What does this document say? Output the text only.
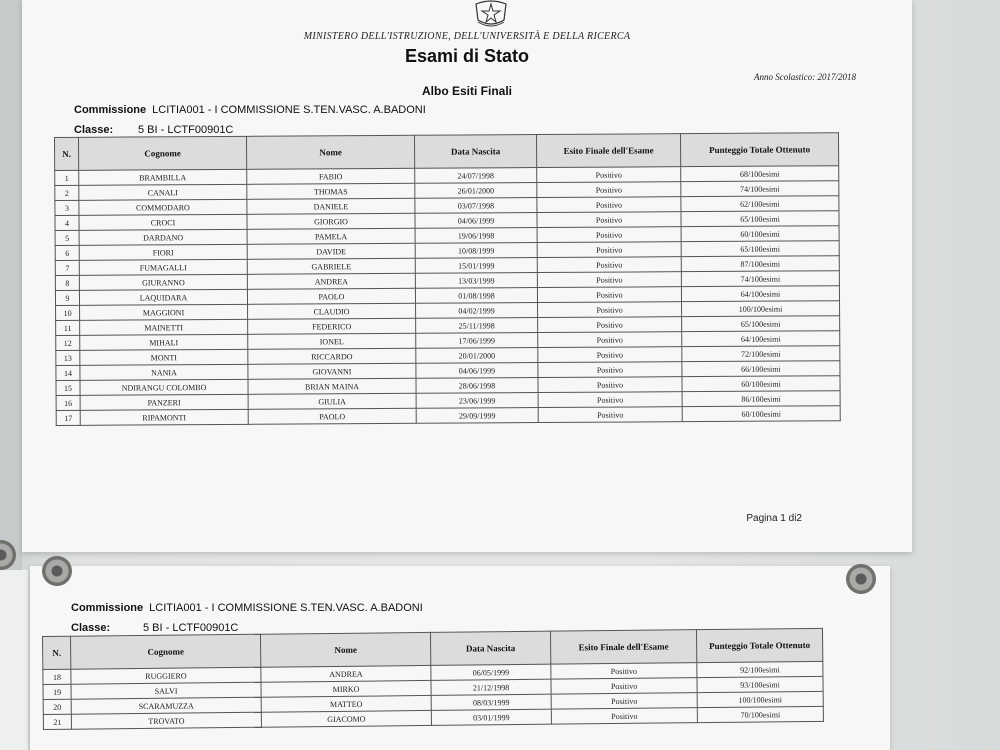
MINISTERO DELL'ISTRUZIONE, DELL'UNIVERSITÀ E DELLA RICERCA
Esami di Stato
Anno Scolastico: 2017/2018
Albo Esiti Finali
Commissione LCITIA001 - I COMMISSIONE S.TEN.VASC. A.BADONI
Classe: 5 BI - LCTF00901C
Pagina 1 di2
N.	Cognome	Nome	Data Nascita	Esito Finale dell'Esame	Punteggio Totale Ottenuto
1	BRAMBILLA	FABIO	24/07/1998	Positivo	68/100esimi
2	CANALI	THOMAS	26/01/2000	Positivo	74/100esimi
3	COMMODARO	DANIELE	03/07/1998	Positivo	62/100esimi
4	CROCI	GIORGIO	04/06/1999	Positivo	65/100esimi
5	DARDANO	PAMELA	19/06/1998	Positivo	60/100esimi
6	FIORI	DAVIDE	10/08/1999	Positivo	65/100esimi
7	FUMAGALLI	GABRIELE	15/01/1999	Positivo	87/100esimi
8	GIURANNO	ANDREA	13/03/1999	Positivo	74/100esimi
9	LAQUIDARA	PAOLO	01/08/1998	Positivo	64/100esimi
10	MAGGIONI	CLAUDIO	04/02/1999	Positivo	100/100esimi
11	MAINETTI	FEDERICO	25/11/1998	Positivo	65/100esimi
12	MIHALI	IONEL	17/06/1999	Positivo	64/100esimi
13	MONTI	RICCARDO	20/01/2000	Positivo	72/100esimi
14	NANIA	GIOVANNI	04/06/1999	Positivo	66/100esimi
15	NDIRANGU COLOMBO	BRIAN MAINA	28/06/1998	Positivo	60/100esimi
16	PANZERI	GIULIA	23/06/1999	Positivo	86/100esimi
17	RIPAMONTI	PAOLO	29/09/1999	Positivo	60/100esimi
Commissione LCITIA001 - I COMMISSIONE S.TEN.VASC. A.BADONI
Classe:	5 BI - LCTF00901C
N.	Cognome	Nome	Data Nascita	Esito Finale dell'Esame	Punteggio Totale Ottenuto
18	RUGGIERO	ANDREA	06/05/1999	Positivo	92/100esimi
19	SALVI	MIRKO	21/12/1998	Positivo	93/100esimi
20	SCARAMUZZA	MATTEO	08/03/1999	Positivo	100/100esimi
21	TROVATO	GIACOMO	03/01/1999	Positivo	70/100esimi
